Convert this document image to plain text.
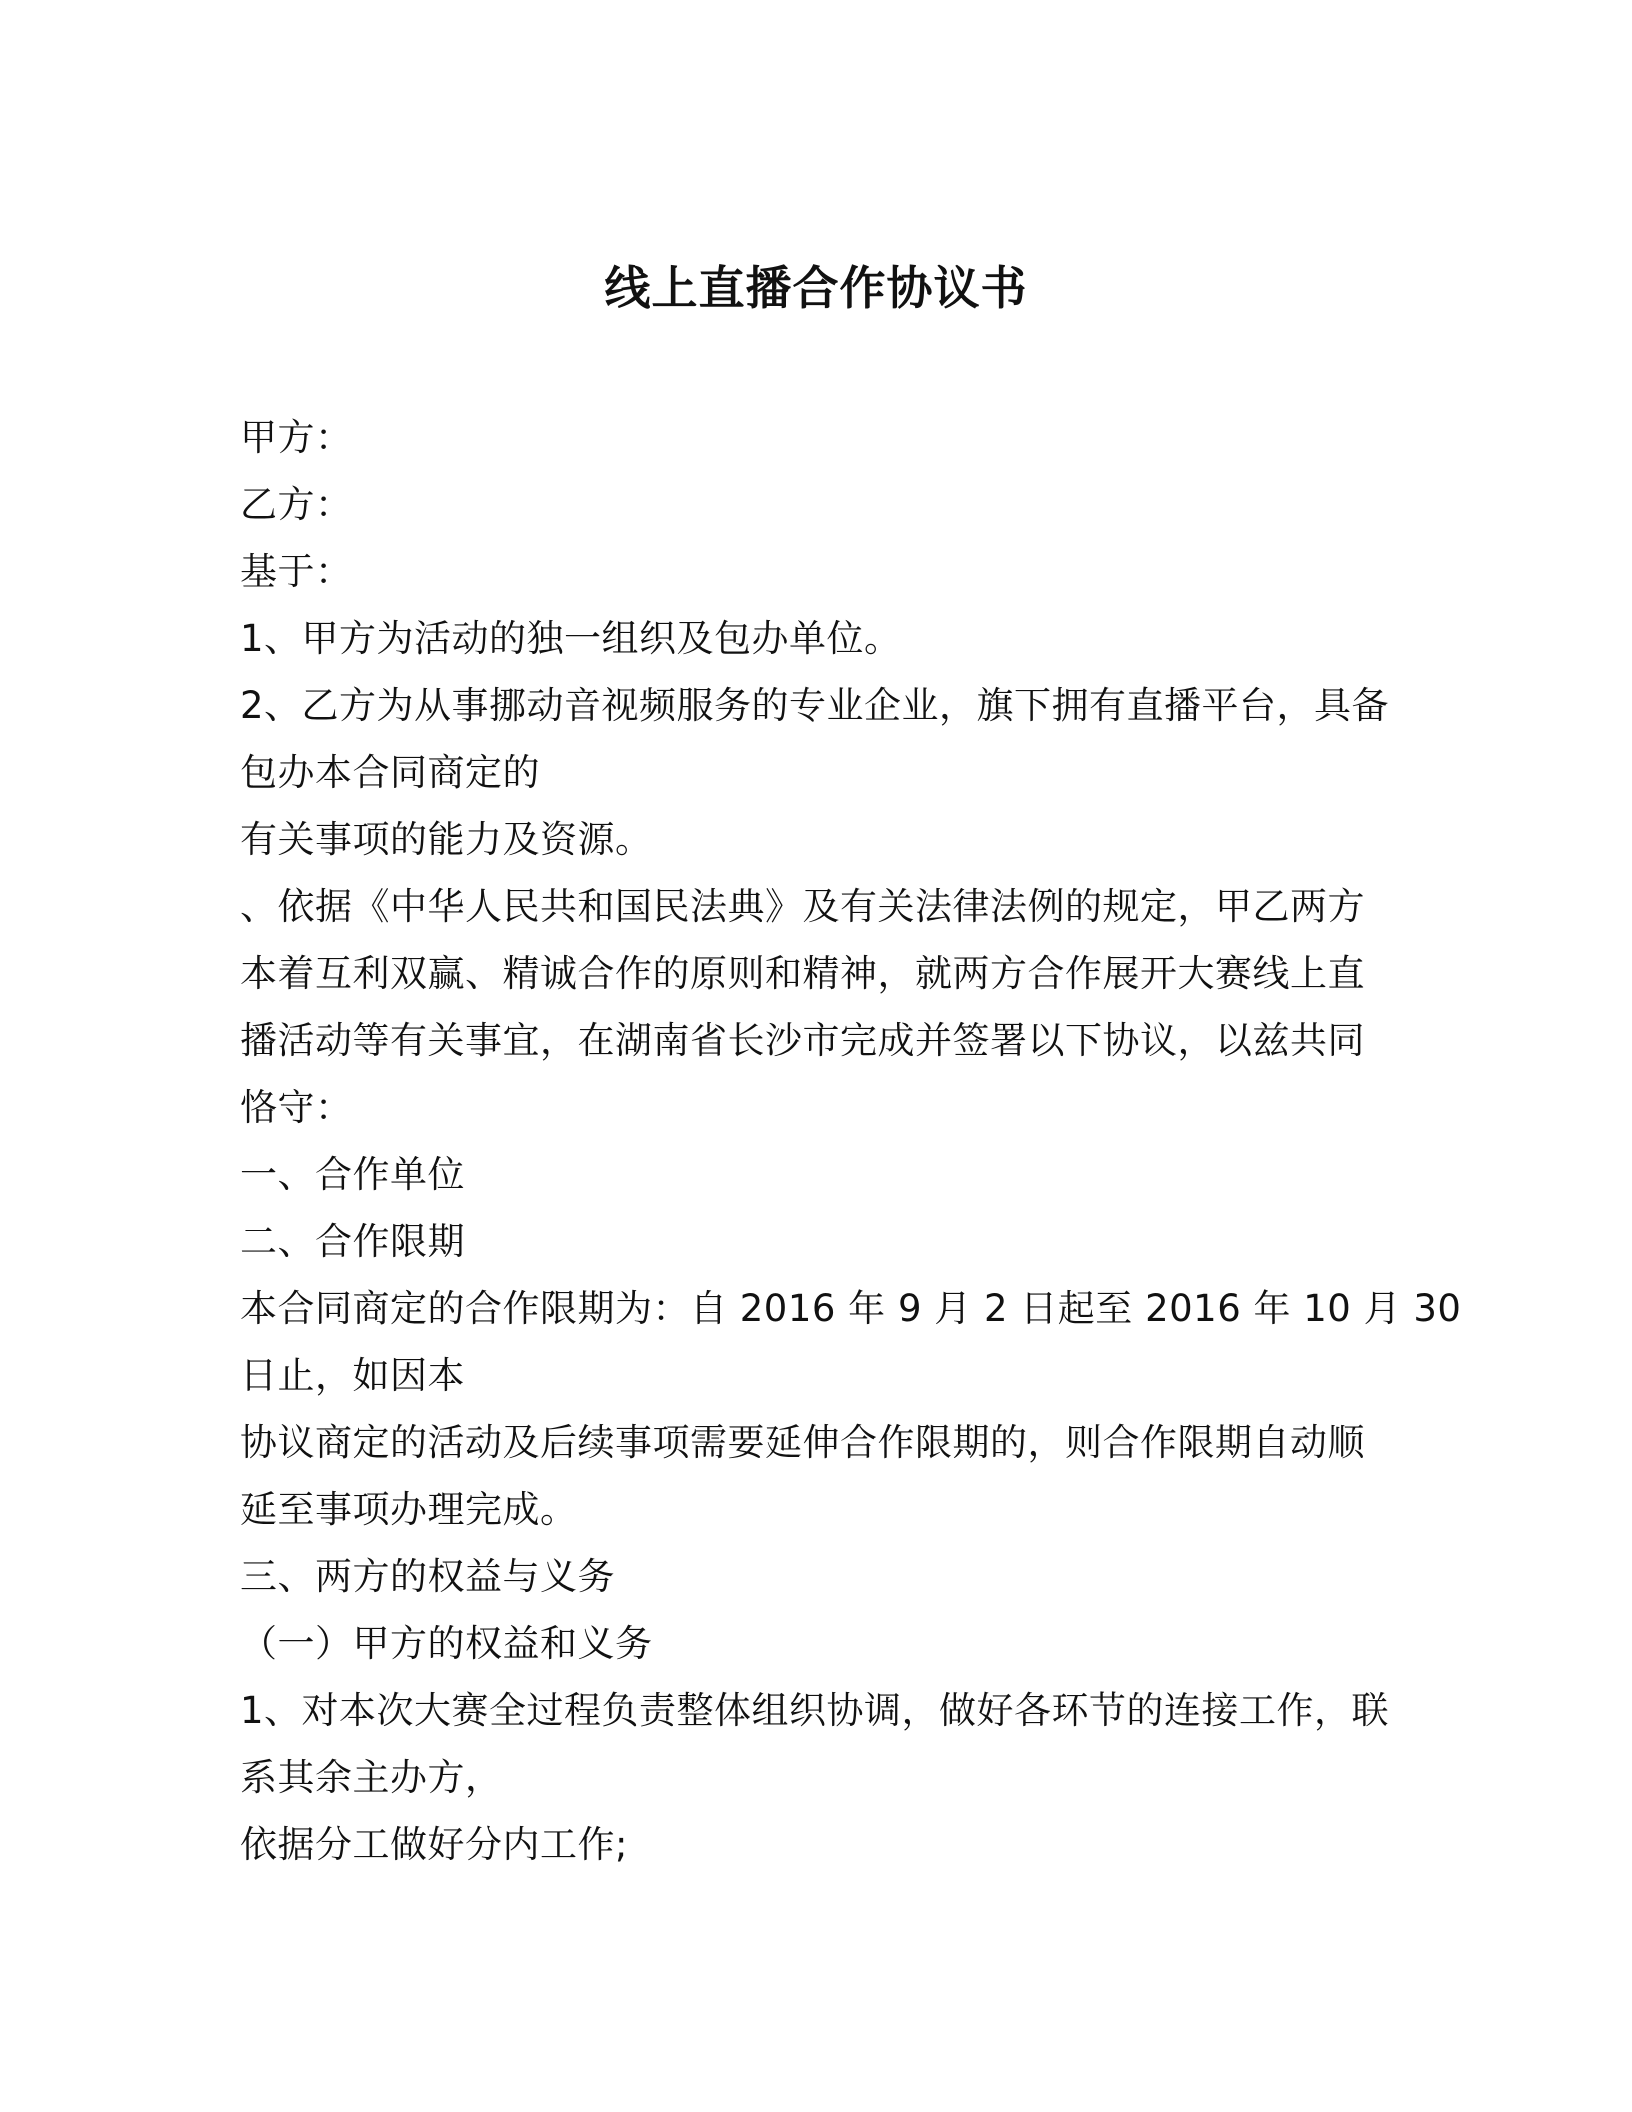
线上直播合作协议书
甲方：
乙方：
基于：
1、甲方为活动的独一组织及包办单位。
2、乙方为从事挪动音视频服务的专业企业，旗下拥有直播平台，具备
包办本合同商定的
有关事项的能力及资源。
、依据《中华人民共和国民法典》及有关法律法例的规定，甲乙两方
本着互利双赢、精诚合作的原则和精神，就两方合作展开大赛线上直
播活动等有关事宜，在湖南省长沙市完成并签署以下协议，以兹共同
恪守：
一、合作单位
二、合作限期
本合同商定的合作限期为：自 2016 年 9 月 2 日起至 2016 年 10 月 30
日止，如因本
协议商定的活动及后续事项需要延伸合作限期的，则合作限期自动顺
延至事项办理完成。
三、两方的权益与义务
（一）甲方的权益和义务
1、对本次大赛全过程负责整体组织协调，做好各环节的连接工作，联
系其余主办方，
依据分工做好分内工作;
